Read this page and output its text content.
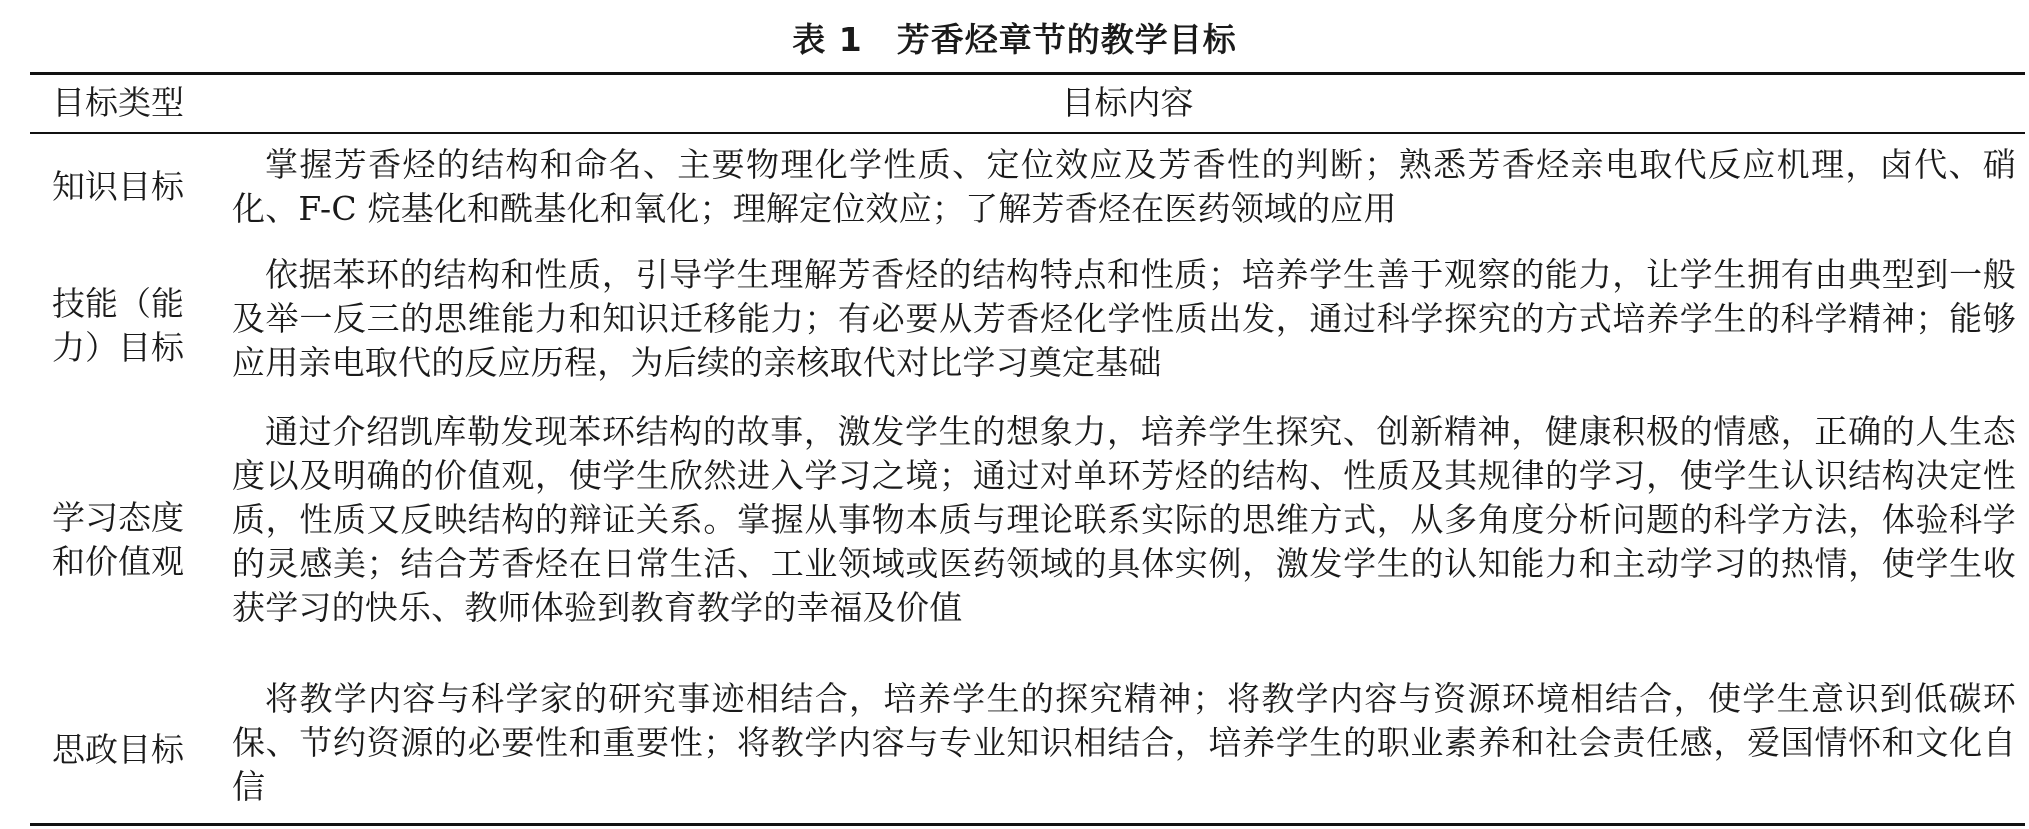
表 1 芳香烃章节的教学目标
目标类型	目标内容
知识目标
掌握芳香烃的结构和命名、主要物理化学性质、定位效应及芳香性的判断；熟悉芳香烃亲电取代反应机理，卤代、硝化、F-C 烷基化和酰基化和氧化；理解定位效应；了解芳香烃在医药领域的应用
技能（能力）目标
依据苯环的结构和性质，引导学生理解芳香烃的结构特点和性质；培养学生善于观察的能力，让学生拥有由典型到一般及举一反三的思维能力和知识迁移能力；有必要从芳香烃化学性质出发，通过科学探究的方式培养学生的科学精神；能够应用亲电取代的反应历程，为后续的亲核取代对比学习奠定基础
学习态度和价值观
通过介绍凯库勒发现苯环结构的故事，激发学生的想象力，培养学生探究、创新精神，健康积极的情感，正确的人生态度以及明确的价值观，使学生欣然进入学习之境；通过对单环芳烃的结构、性质及其规律的学习，使学生认识结构决定性质，性质又反映结构的辩证关系。掌握从事物本质与理论联系实际的思维方式，从多角度分析问题的科学方法，体验科学的灵感美；结合芳香烃在日常生活、工业领域或医药领域的具体实例，激发学生的认知能力和主动学习的热情，使学生收获学习的快乐、教师体验到教育教学的幸福及价值
思政目标
将教学内容与科学家的研究事迹相结合，培养学生的探究精神；将教学内容与资源环境相结合，使学生意识到低碳环保、节约资源的必要性和重要性；将教学内容与专业知识相结合，培养学生的职业素养和社会责任感，爱国情怀和文化自信
